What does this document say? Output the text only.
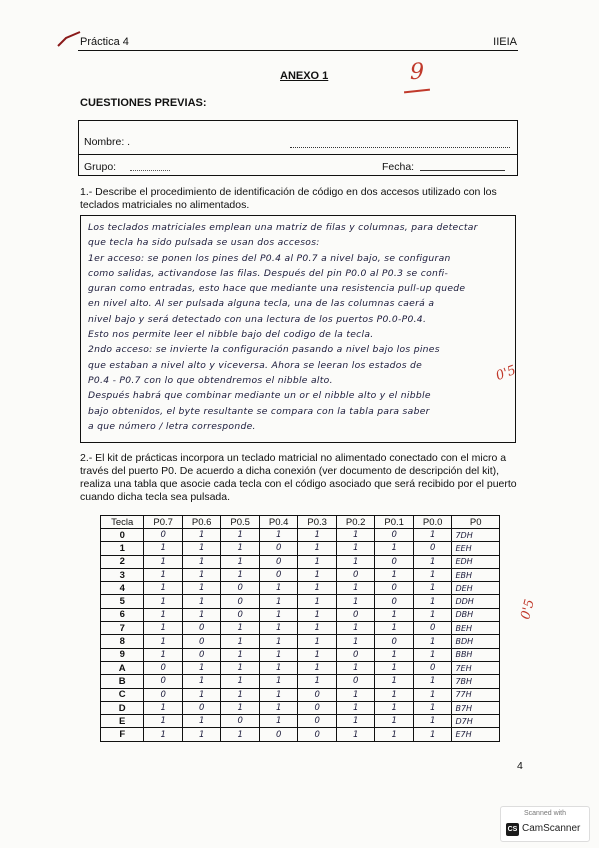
Práctica 4	IIEIA
ANEXO 1	9
CUESTIONES PREVIAS:
Nombre: .
Grupo:	Fecha:
1.- Describe el procedimiento de identificación de código en dos accesos utilizado con los teclados matriciales no alimentados.
Los teclados matriciales emplean una matriz de filas y columnas, para detectar
que tecla ha sido pulsada se usan dos accesos:
1er acceso: se ponen los pines del P0.4 al P0.7 a nivel bajo, se configuran
como salidas, activandose las filas. Después del pin P0.0 al P0.3 se confi-
guran como entradas, esto hace que mediante una resistencia pull-up quede
en nivel alto. Al ser pulsada alguna tecla, una de las columnas caerá a
nivel bajo y será detectado con una lectura de los puertos P0.0-P0.4.
Esto nos permite leer el nibble bajo del codigo de la tecla.
2ndo acceso: se invierte la configuración pasando a nivel bajo los pines
que estaban a nivel alto y viceversa. Ahora se leeran los estados de
P0.4 - P0.7 con lo que obtendremos el nibble alto.
Después habrá que combinar mediante un or el nibble alto y el nibble
bajo obtenidos, el byte resultante se compara con la tabla para saber
a que número / letra corresponde.
0'5
2.- El kit de prácticas incorpora un teclado matricial no alimentado conectado con el micro a través del puerto P0. De acuerdo a dicha conexión (ver documento de descripción del kit), realiza una tabla que asocie cada tecla con el código asociado que será recibido por el puerto cuando dicha tecla sea pulsada.
Tecla	P0.7	P0.6	P0.5	P0.4	P0.3	P0.2	P0.1	P0.0	P0
0	0	1	1	1	1	1	0	1	7DH
1	1	1	1	0	1	1	1	0	EEH
2	1	1	1	0	1	1	0	1	EDH
3	1	1	1	0	1	0	1	1	EBH
4	1	1	0	1	1	1	0	1	DEH
5	1	1	0	1	1	1	0	1	DDH
6	1	1	0	1	1	0	1	1	DBH
7	1	0	1	1	1	1	1	0	BEH
8	1	0	1	1	1	1	0	1	BDH
9	1	0	1	1	1	0	1	1	BBH
A	0	1	1	1	1	1	1	0	7EH
B	0	1	1	1	1	0	1	1	7BH
C	0	1	1	1	0	1	1	1	77H
D	1	0	1	1	0	1	1	1	B7H
E	1	1	0	1	0	1	1	1	D7H
F	1	1	1	0	0	1	1	1	E7H
0'5
4
Scanned with
CS CamScanner
